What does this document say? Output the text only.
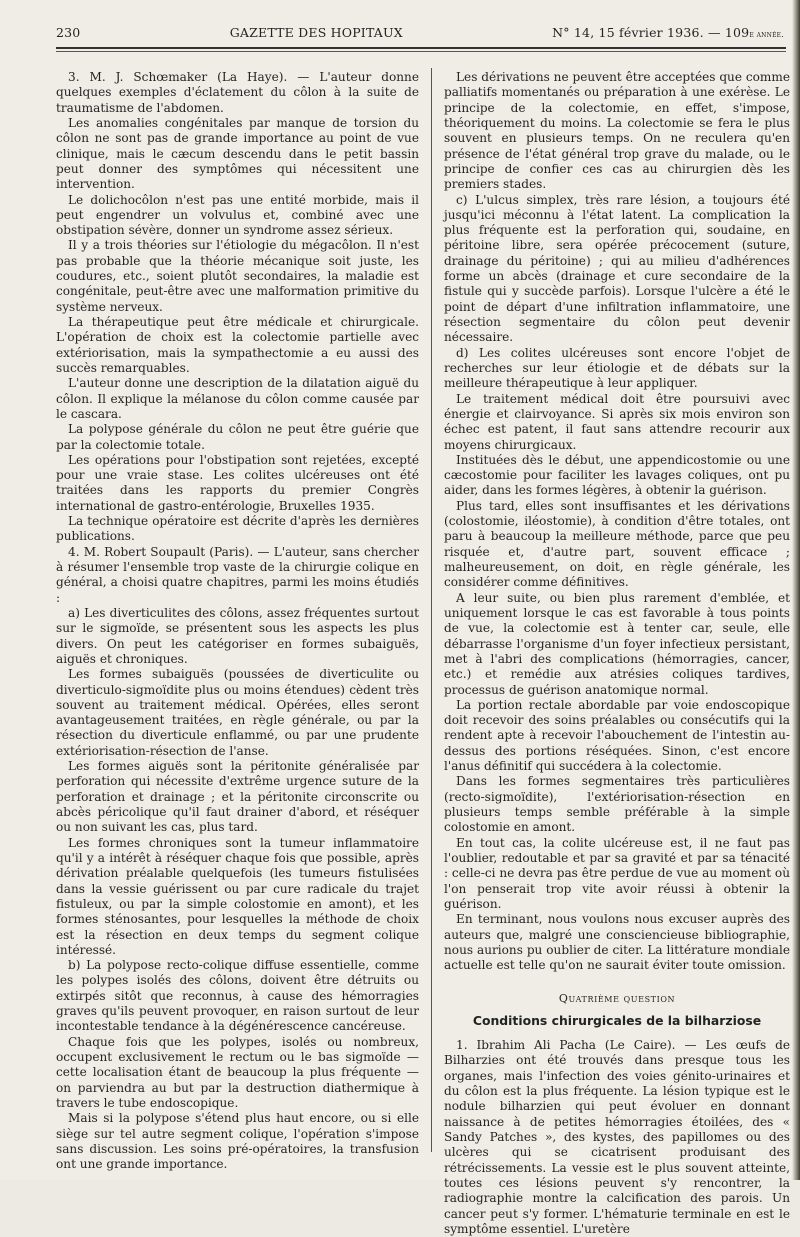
230	GAZETTE DES HOPITAUX	N° 14, 15 février 1936. — 109e année.

3. M. J. Schœmaker (La Haye). — L'auteur donne quelques exemples d'éclatement du côlon à la suite de traumatisme de l'abdomen.

Les anomalies congénitales par manque de torsion du côlon ne sont pas de grande importance au point de vue clinique, mais le cæcum descendu dans le petit bassin peut donner des symptômes qui nécessitent une intervention.

Le dolichocôlon n'est pas une entité morbide, mais il peut engendrer un volvulus et, combiné avec une obstipation sévère, donner un syndrome assez sérieux.

Il y a trois théories sur l'étiologie du mégacôlon. Il n'est pas probable que la théorie mécanique soit juste, les coudures, etc., soient plutôt secondaires, la maladie est congénitale, peut-être avec une malformation primitive du système nerveux.

La thérapeutique peut être médicale et chirurgicale. L'opération de choix est la colectomie partielle avec extériorisation, mais la sympathectomie a eu aussi des succès remarquables.

L'auteur donne une description de la dilatation aiguë du côlon. Il explique la mélanose du côlon comme causée par le cascara.

La polypose générale du côlon ne peut être guérie que par la colectomie totale.

Les opérations pour l'obstipation sont rejetées, excepté pour une vraie stase. Les colites ulcéreuses ont été traitées dans les rapports du premier Congrès international de gastro-entérologie, Bruxelles 1935.

La technique opératoire est décrite d'après les dernières publications.

4. M. Robert Soupault (Paris). — L'auteur, sans chercher à résumer l'ensemble trop vaste de la chirurgie colique en général, a choisi quatre chapitres, parmi les moins étudiés :

a) Les diverticulites des côlons, assez fréquentes surtout sur le sigmoïde, se présentent sous les aspects les plus divers. On peut les catégoriser en formes subaiguës, aiguës et chroniques.

Les formes subaiguës (poussées de diverticulite ou diverticulo-sigmoïdite plus ou moins étendues) cèdent très souvent au traitement médical. Opérées, elles seront avantageusement traitées, en règle générale, ou par la résection du diverticule enflammé, ou par une prudente extériorisation-résection de l'anse.

Les formes aiguës sont la péritonite généralisée par perforation qui nécessite d'extrême urgence suture de la perforation et drainage ; et la péritonite circonscrite ou abcès péricolique qu'il faut drainer d'abord, et réséquer ou non suivant les cas, plus tard.

Les formes chroniques sont la tumeur inflammatoire qu'il y a intérêt à réséquer chaque fois que possible, après dérivation préalable quelquefois (les tumeurs fistulisées dans la vessie guérissent ou par cure radicale du trajet fistuleux, ou par la simple colostomie en amont), et les formes sténosantes, pour lesquelles la méthode de choix est la résection en deux temps du segment colique intéressé.

b) La polypose recto-colique diffuse essentielle, comme les polypes isolés des côlons, doivent être détruits ou extirpés sitôt que reconnus, à cause des hémorragies graves qu'ils peuvent provoquer, en raison surtout de leur incontestable tendance à la dégénérescence cancéreuse.

Chaque fois que les polypes, isolés ou nombreux, occupent exclusivement le rectum ou le bas sigmoïde — cette localisation étant de beaucoup la plus fréquente — on parviendra au but par la destruction diathermique à travers le tube endoscopique.

Mais si la polypose s'étend plus haut encore, ou si elle siège sur tel autre segment colique, l'opération s'impose sans discussion. Les soins pré-opératoires, la transfusion ont une grande importance.

Les dérivations ne peuvent être acceptées que comme palliatifs momentanés ou préparation à une exérèse. Le principe de la colectomie, en effet, s'impose, théoriquement du moins. La colectomie se fera le plus souvent en plusieurs temps. On ne reculera qu'en présence de l'état général trop grave du malade, ou le principe de confier ces cas au chirurgien dès les premiers stades.

c) L'ulcus simplex, très rare lésion, a toujours été jusqu'ici méconnu à l'état latent. La complication la plus fréquente est la perforation qui, soudaine, en péritoine libre, sera opérée précocement (suture, drainage du péritoine) ; qui au milieu d'adhérences forme un abcès (drainage et cure secondaire de la fistule qui y succède parfois). Lorsque l'ulcère a été le point de départ d'une infiltration inflammatoire, une résection segmentaire du côlon peut devenir nécessaire.

d) Les colites ulcéreuses sont encore l'objet de recherches sur leur étiologie et de débats sur la meilleure thérapeutique à leur appliquer.

Le traitement médical doit être poursuivi avec énergie et clairvoyance. Si après six mois environ son échec est patent, il faut sans attendre recourir aux moyens chirurgicaux.

Instituées dès le début, une appendicostomie ou une cæcostomie pour faciliter les lavages coliques, ont pu aider, dans les formes légères, à obtenir la guérison.

Plus tard, elles sont insuffisantes et les dérivations (colostomie, iléostomie), à condition d'être totales, ont paru à beaucoup la meilleure méthode, parce que peu risquée et, d'autre part, souvent efficace ; malheureusement, on doit, en règle générale, les considérer comme définitives.

A leur suite, ou bien plus rarement d'emblée, et uniquement lorsque le cas est favorable à tous points de vue, la colectomie est à tenter car, seule, elle débarrasse l'organisme d'un foyer infectieux persistant, met à l'abri des complications (hémorragies, cancer, etc.) et remédie aux atrésies coliques tardives, processus de guérison anatomique normal.

La portion rectale abordable par voie endoscopique doit recevoir des soins préalables ou consécutifs qui la rendent apte à recevoir l'abouchement de l'intestin au-dessus des portions réséquées. Sinon, c'est encore l'anus définitif qui succédera à la colectomie.

Dans les formes segmentaires très particulières (recto-sigmoïdite), l'extériorisation-résection en plusieurs temps semble préférable à la simple colostomie en amont.

En tout cas, la colite ulcéreuse est, il ne faut pas l'oublier, redoutable et par sa gravité et par sa ténacité : celle-ci ne devra pas être perdue de vue au moment où l'on penserait trop vite avoir réussi à obtenir la guérison.

En terminant, nous voulons nous excuser auprès des auteurs que, malgré une consciencieuse bibliographie, nous aurions pu oublier de citer. La littérature mondiale actuelle est telle qu'on ne saurait éviter toute omission.

Quatrième question
Conditions chirurgicales de la bilharziose

1. Ibrahim Ali Pacha (Le Caire). — Les œufs de Bilharzies ont été trouvés dans presque tous les organes, mais l'infection des voies génito-urinaires et du côlon est la plus fréquente. La lésion typique est le nodule bilharzien qui peut évoluer en donnant naissance à de petites hémorragies étoilées, des « Sandy Patches », des kystes, des papillomes ou des ulcères qui se cicatrisent produisant des rétrécissements. La vessie est le plus souvent atteinte, toutes ces lésions peuvent s'y rencontrer, la radiographie montre la calcification des parois. Un cancer peut s'y former. L'hématurie terminale en est le symptôme essentiel. L'uretère
